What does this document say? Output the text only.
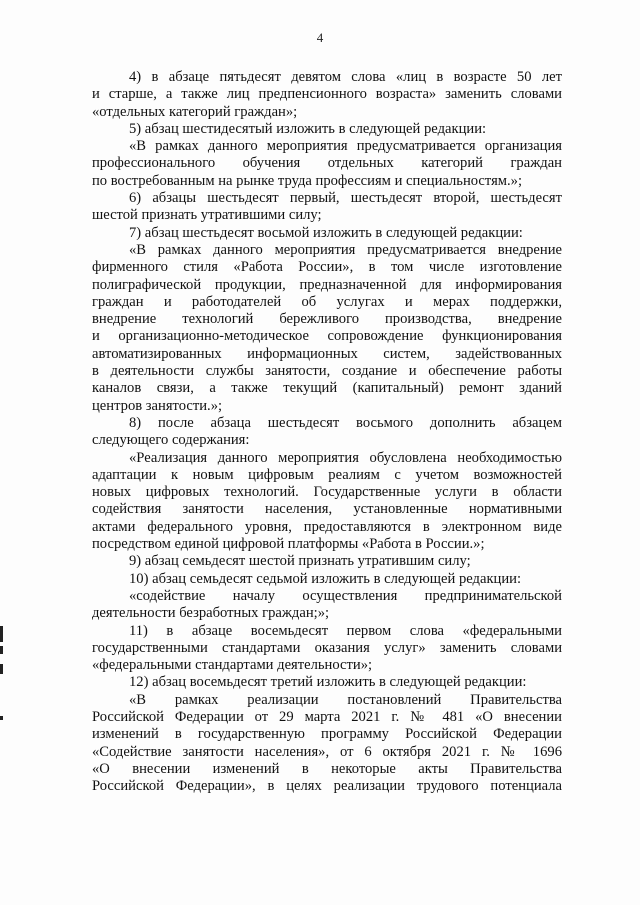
4
4) в абзаце пятьдесят девятом слова «лиц в возрасте 50 лет
и старше, а также лиц предпенсионного возраста» заменить словами
«отдельных категорий граждан»;
5) абзац шестидесятый изложить в следующей редакции:
«В рамках данного мероприятия предусматривается организация
профессионального обучения отдельных категорий граждан
по востребованным на рынке труда профессиям и специальностям.»;
6) абзацы шестьдесят первый, шестьдесят второй, шестьдесят
шестой признать утратившими силу;
7) абзац шестьдесят восьмой изложить в следующей редакции:
«В рамках данного мероприятия предусматривается внедрение
фирменного стиля «Работа России», в том числе изготовление
полиграфической продукции, предназначенной для информирования
граждан и работодателей об услугах и мерах поддержки,
внедрение технологий бережливого производства, внедрение
и организационно-методическое сопровождение функционирования
автоматизированных информационных систем, задействованных
в деятельности службы занятости, создание и обеспечение работы
каналов связи, а также текущий (капитальный) ремонт зданий
центров занятости.»;
8) после абзаца шестьдесят восьмого дополнить абзацем
следующего содержания:
«Реализация данного мероприятия обусловлена необходимостью
адаптации к новым цифровым реалиям с учетом возможностей
новых цифровых технологий. Государственные услуги в области
содействия занятости населения, установленные нормативными
актами федерального уровня, предоставляются в электронном виде
посредством единой цифровой платформы «Работа в России.»;
9) абзац семьдесят шестой признать утратившим силу;
10) абзац семьдесят седьмой изложить в следующей редакции:
«содействие началу осуществления предпринимательской
деятельности безработных граждан;»;
11) в абзаце восемьдесят первом слова «федеральными
государственными стандартами оказания услуг» заменить словами
«федеральными стандартами деятельности»;
12) абзац восемьдесят третий изложить в следующей редакции:
«В рамках реализации постановлений Правительства
Российской Федерации от 29 марта 2021 г. № 481 «О внесении
изменений в государственную программу Российской Федерации
«Содействие занятости населения», от 6 октября 2021 г. № 1696
«О внесении изменений в некоторые акты Правительства
Российской Федерации», в целях реализации трудового потенциала
